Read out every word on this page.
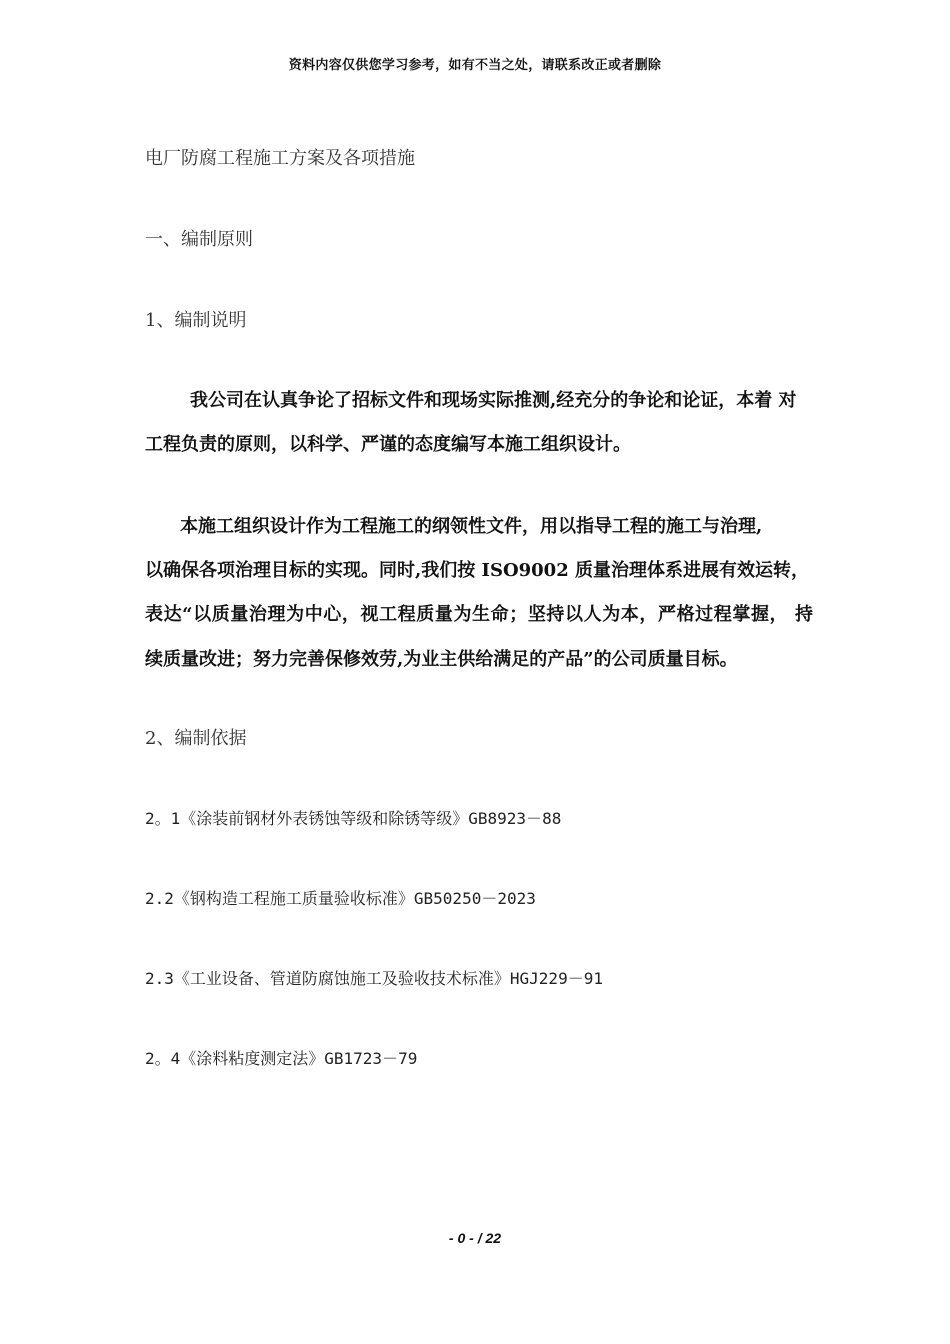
资料内容仅供您学习参考，如有不当之处，请联系改正或者删除
电厂防腐工程施工方案及各项措施
一、编制原则
1、编制说明
我公司在认真争论了招标文件和现场实际推测,经充分的争论和论证，本着 对
工程负责的原则，以科学、严谨的态度编写本施工组织设计。
本施工组织设计作为工程施工的纲领性文件，用以指导工程的施工与治理,
以确保各项治理目标的实现。同时,我们按 ISO9002 质量治理体系进展有效运转，
表达“以质量治理为中心，视工程质量为生命；坚持以人为本，严格过程掌握， 持
续质量改进；努力完善保修效劳,为业主供给满足的产品”的公司质量目标。
2、编制依据
2。1《涂装前钢材外表锈蚀等级和除锈等级》GB8923－88
2.2《钢构造工程施工质量验收标准》GB50250－2023
2.3《工业设备、管道防腐蚀施工及验收技术标准》HGJ229－91
2。4《涂料粘度测定法》GB1723－79
- 0 - / 22
